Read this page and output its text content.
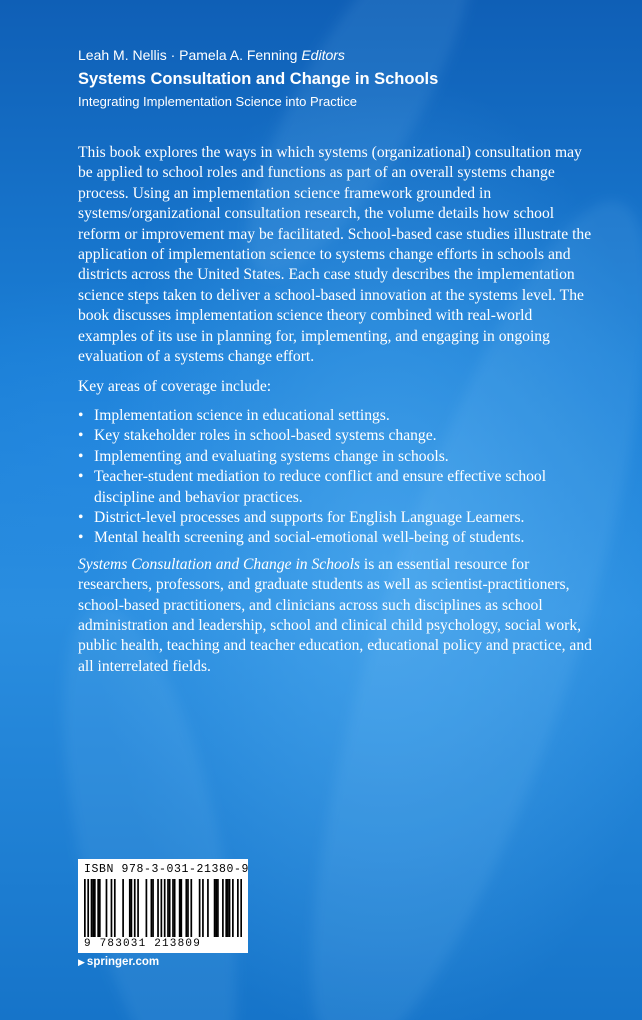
Leah M. Nellis · Pamela A. Fenning Editors
Systems Consultation and Change in Schools
Integrating Implementation Science into Practice

This book explores the ways in which systems (organizational) consultation may be applied to school roles and functions as part of an overall systems change process. Using an implementation science framework grounded in systems/organizational consultation research, the volume details how school reform or improvement may be facilitated. School-based case studies illustrate the application of implementation science to systems change efforts in schools and districts across the United States. Each case study describes the implementation science steps taken to deliver a school-based innovation at the systems level. The book discusses implementation science theory combined with real-world examples of its use in planning for, implementing, and engaging in ongoing evaluation of a systems change effort.

Key areas of coverage include:

• Implementation science in educational settings.
• Key stakeholder roles in school-based systems change.
• Implementing and evaluating systems change in schools.
• Teacher-student mediation to reduce conflict and ensure effective school discipline and behavior practices.
• District-level processes and supports for English Language Learners.
• Mental health screening and social-emotional well-being of students.

Systems Consultation and Change in Schools is an essential resource for researchers, professors, and graduate students as well as scientist-practitioners, school-based practitioners, and clinicians across such disciplines as school administration and leadership, school and clinical child psychology, social work, public health, teaching and teacher education, educational policy and practice, and all interrelated fields.

ISBN 978-3-031-21380-9
9 783031 213809
▶ springer.com
